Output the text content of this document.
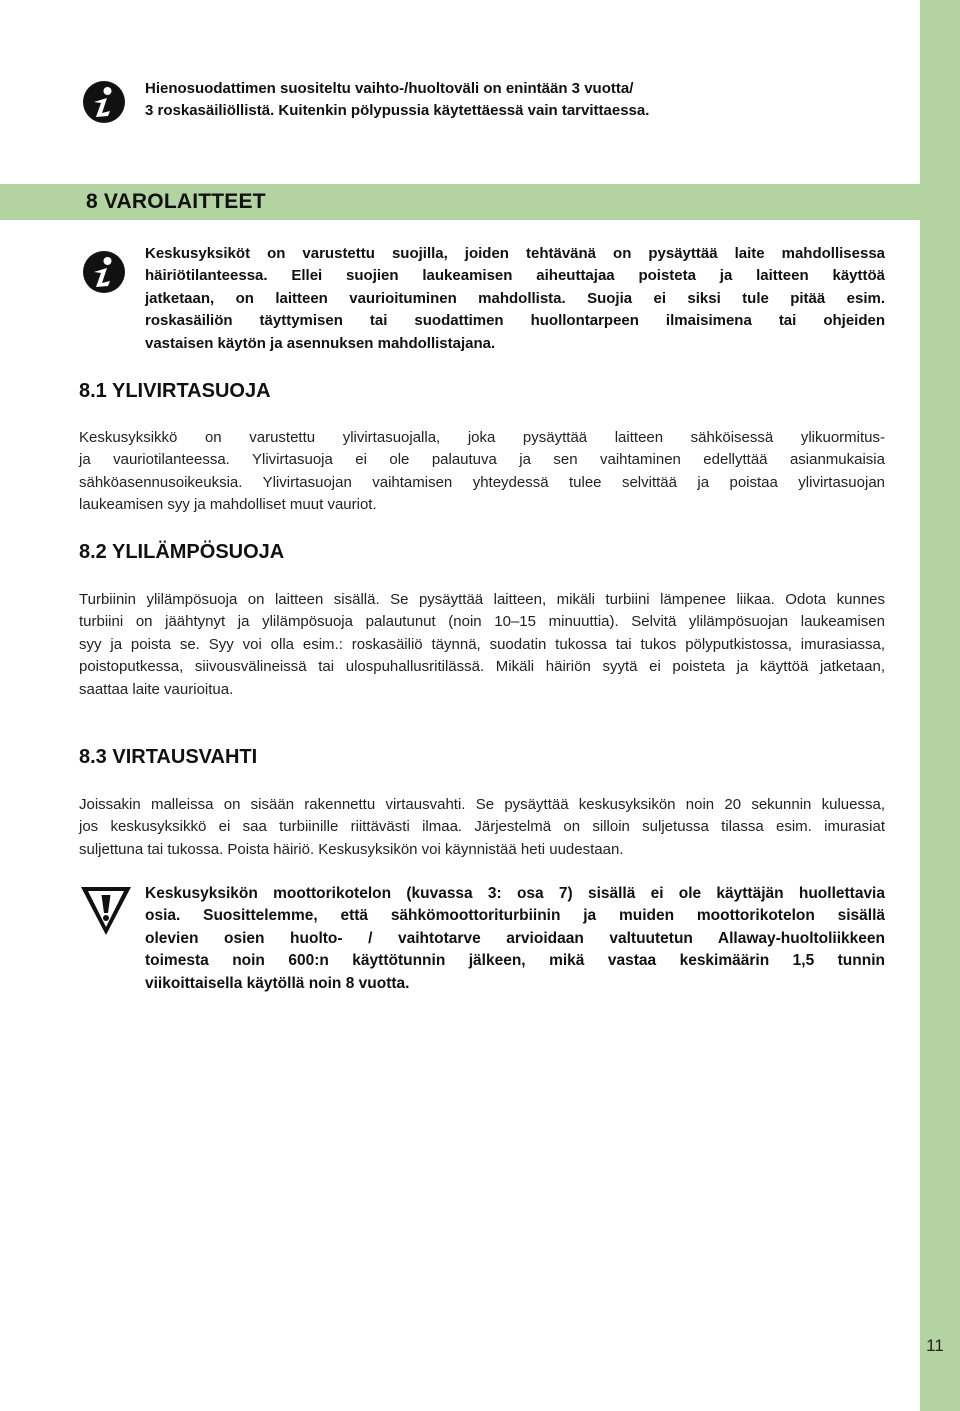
11
Hienosuodattimen suositeltu vaihto-/huoltoväli on enintään 3 vuotta/
3 roskasäiliöllistä. Kuitenkin pölypussia käytettäessä vain tarvittaessa.
8 VAROLAITTEET
Keskusyksiköt on varustettu suojilla, joiden tehtävänä on pysäyttää laite mahdollisessa
häiriötilanteessa. Ellei suojien laukeamisen aiheuttajaa poisteta ja laitteen käyttöä
jatketaan, on laitteen vaurioituminen mahdollista. Suojia ei siksi tule pitää esim.
roskasäiliön täyttymisen tai suodattimen huollontarpeen ilmaisimena tai ohjeiden
vastaisen käytön ja asennuksen mahdollistajana.
8.1 YLIVIRTASUOJA
Keskusyksikkö on varustettu ylivirtasuojalla, joka pysäyttää laitteen sähköisessä ylikuormitus-
ja vauriotilanteessa. Ylivirtasuoja ei ole palautuva ja sen vaihtaminen edellyttää asianmukaisia
sähköasennusoikeuksia. Ylivirtasuojan vaihtamisen yhteydessä tulee selvittää ja poistaa ylivirtasuojan
laukeamisen syy ja mahdolliset muut vauriot.
8.2 YLILÄMPÖSUOJA
Turbiinin ylilämpösuoja on laitteen sisällä. Se pysäyttää laitteen, mikäli turbiini lämpenee liikaa. Odota kunnes
turbiini on jäähtynyt ja ylilämpösuoja palautunut (noin 10–15 minuuttia). Selvitä ylilämpösuojan laukeamisen
syy ja poista se. Syy voi olla esim.: roskasäiliö täynnä, suodatin tukossa tai tukos pölyputkistossa, imurasiassa,
poistoputkessa, siivousvälineissä tai ulospuhallusritilässä. Mikäli häiriön syytä ei poisteta ja käyttöä jatketaan,
saattaa laite vaurioitua.
8.3 VIRTAUSVAHTI
Joissakin malleissa on sisään rakennettu virtausvahti. Se pysäyttää keskusyksikön noin 20 sekunnin kuluessa,
jos keskusyksikkö ei saa turbiinille riittävästi ilmaa. Järjestelmä on silloin suljetussa tilassa esim. imurasiat
suljettuna tai tukossa. Poista häiriö. Keskusyksikön voi käynnistää heti uudestaan.
Keskusyksikön moottorikotelon (kuvassa 3: osa 7) sisällä ei ole käyttäjän huollettavia
osia. Suosittelemme, että sähkömoottoriturbiinin ja muiden moottorikotelon sisällä
olevien osien huolto- / vaihtotarve arvioidaan valtuutetun Allaway-huoltoliikkeen
toimesta noin 600:n käyttötunnin jälkeen, mikä vastaa keskimäärin 1,5 tunnin
viikoittaisella käytöllä noin 8 vuotta.
